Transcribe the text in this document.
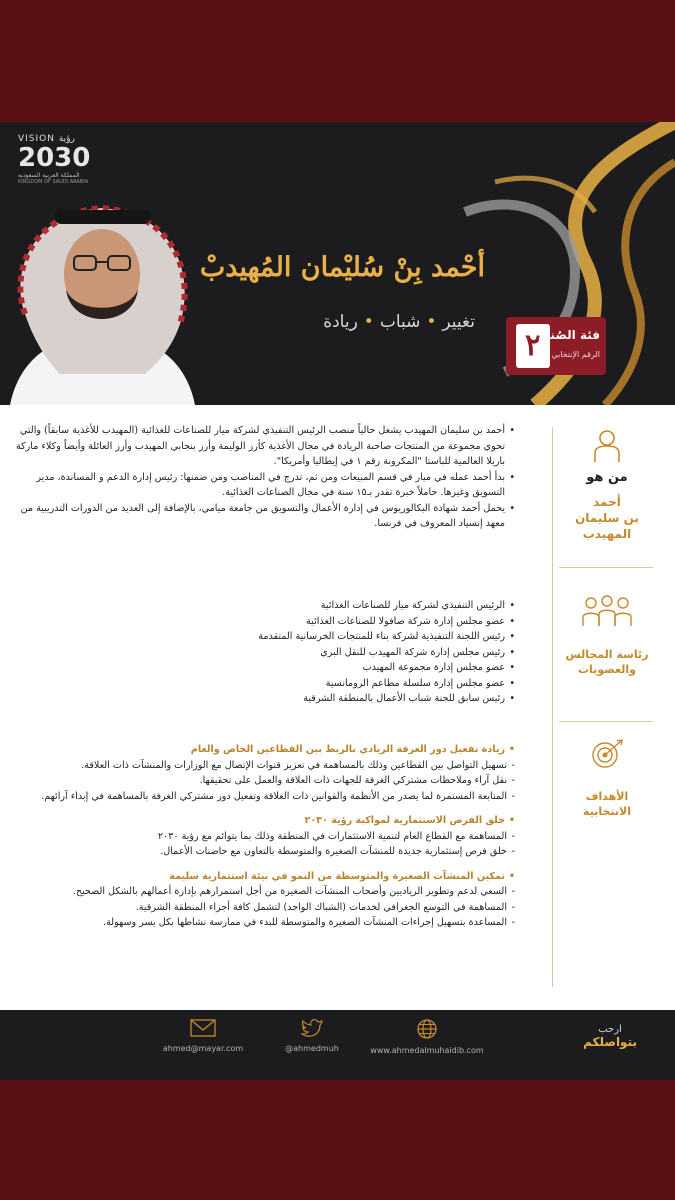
VISION رؤية
2030
المملكة العربية السعودية
KINGDOM OF SAUDI ARABIA
أحْمد بِنْ سُليْمان المُهيدبْ
تغيير•شباب•ريادة
٢
فئة الصُناع
الرقم الإنتخابي
من هو
أحمد
بن سليمان
المهيدب
• أحمد بن سليمان المهيدب يشغل حالياً منصب الرئيس التنفيذي لشركة ميار للصناعات للغذائية (المهيدب للأغذية سابقاً) والتي تحوي مجموعة من المنتجات صاحبة الريادة في مجال الأغذية كأرز الوليمة وأرز بنجابي المهيدب وأرز العائلة وأيضاً وكلاء ماركة باريلا العالمية للباستا "المكرونة رقم ١ في إيطاليا وأمريكا".
• بدأ أحمد عمله في ميار في قسم المبيعات ومن ثم، تدرج في المناصب ومن ضمنها: رئيس إدارة الدعم و المساندة، مدير التسويق وغيرها. حاملاً خبرة تقدر بـ١٥ سنة في مجال الصناعات الغذائية.
• يحمل أحمد شهادة البكالوريوس في إدارة الأعمال والتسويق من جامعة ميامي، بالإضافة إلى العديد من الدورات التدريبية من معهد إنسياد المعروف في فرنسا.
رئاسة المجالس
والعضويات
• الرئيس التنفيذي لشركة ميار للصناعات الغذائية
• عضو مجلس إدارة شركة صافولا للصناعات الغذائية
• رئيس اللجنة التنفيذية لشركة بناء للمنتجات الخرسانية المتقدمة
• رئيس مجلس إدارة شركة المهيدب للنقل البري
• عضو مجلس إدارة مجموعة المهيدب
• عضو مجلس إدارة سلسلة مطاعم الرومانسية
• رئيس سابق للجنة شباب الأعمال بالمنطقة الشرقية
الأهداف
الانتخابية
• زيادة تفعيل دور الغرفة الريادي بالربط بين القطاعين الخاص والعام
- تسهيل التواصل بين القطاعين وذلك بالمساهمة في تعزيز قنوات الإتصال مع الوزارات والمنشآت ذات العلاقة.
- نقل آراء وملاحظات مشتركي الغرفة للجهات ذات العلاقة والعمل على تحقيقها.
- المتابعة المستمرة لما يصدر من الأنظمة والقوانين ذات العلاقة وتفعيل دور مشتركي الغرفة بالمساهمة في إبداء آرائهم.
• خلق الفرص الاستثمارية لمواكبة رؤية ٢٠٣٠
- المساهمة مع القطاع العام لتنمية الاستثمارات في المنطقة وذلك بما يتوائم مع رؤية ٢٠٣٠
- خلق فرص إستثمارية جديدة للمنشآت الصغيرة والمتوسطة بالتعاون مع حاضنات الأعمال.
• تمكين المنشآت الصغيرة والمتوسطة من النمو في بيئة استثمارية سليمة
- السعي لدعم وتطوير الرياديين وأصحاب المنشآت الصغيرة من أجل استمرارهم بإدارة أعمالهم بالشكل الصحيح.
- المساهمة في التوسع الجغرافي لخدمات (الشباك الواحد) لتشمل كافة أجزاء المنطقة الشرقية.
- المساعدة بتسهيل إجراءات المنشآت الصغيرة والمتوسطة للبدء في ممارسة نشاطها بكل يسر وسهولة.
www.ahmedalmuhaidib.com
@ahmedmuh
ahmed@mayar.com
ارحب
بتواصلكم
